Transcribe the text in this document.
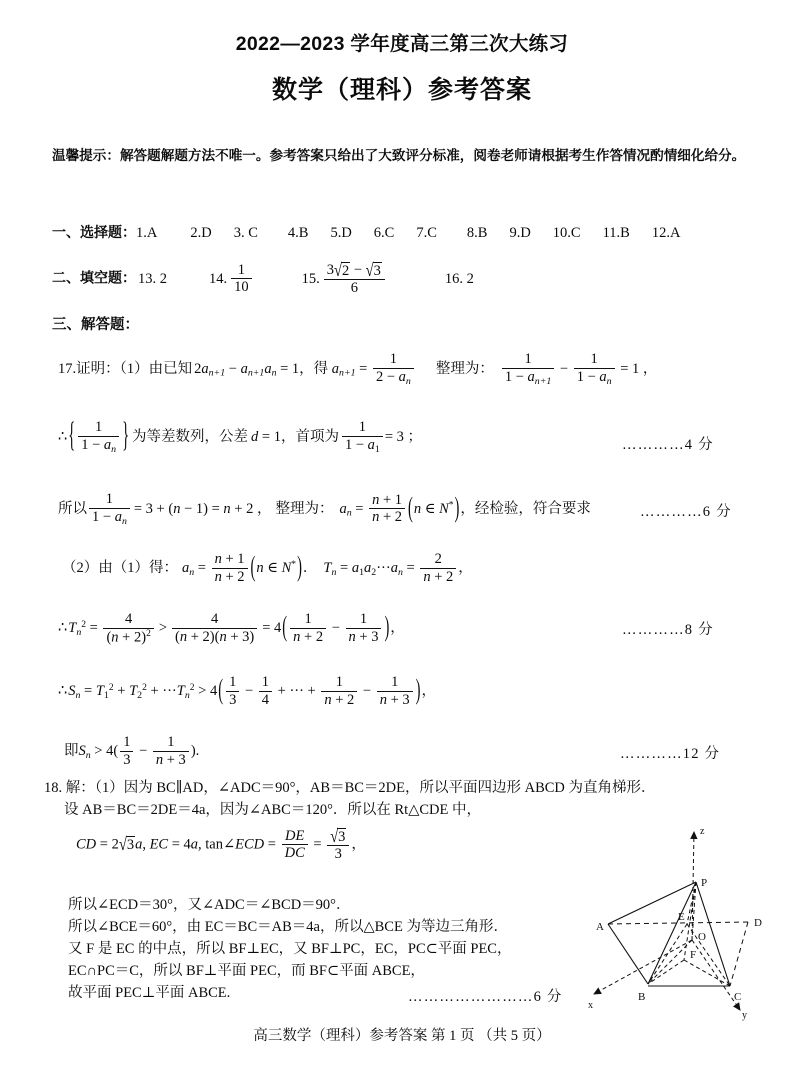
2022—2023 学年度高三第三次大练习
数学（理科）参考答案
温馨提示：解答题解题方法不唯一。参考答案只给出了大致评分标准，阅卷老师请根据考生作答情况酌情细化给分。
一、选择题：1.A 2.D 3. C 4.B 5.D 6.C 7.C 8.B 9.D 10.C 11.B 12.A
二、填空题： 13. 2	14. $\frac{1}{10}$	15. $\frac{3√2 - √3}{6}$	16. 2
三、解答题：
17.证明：（1）由已知 $2a_{n+1} - a_{n+1}a_n = 1$，得 $a_{n+1} = \frac{1}{2 - a_n}$ 整理为： $\frac{1}{1 - a_{n+1}} - \frac{1}{1 - a_n} = 1$ ，
∴{ $\frac{1}{1 - a_n}$ } 为等差数列，公差 d = 1，首项为 $\frac{1}{1 - a1} = 3$ ；
…………4 分
所以 $\frac{1}{1 - a_n} = 3 + (n - 1) = n + 2$ ， 整理为： $a_n = \frac{n + 1}{n + 2} (n$ ∈ N*)，经检验，符合要求	…………6 分
（2）由（1）得： $a_n = \frac{n + 1}{n + 2} (n$ ∈ N*)． $T_n = a1a2\cdot\cdot\cdot a_n = \frac{2}{n + 2}$ ，
$\therefore T_n^2 = \frac{4}{(n + 2)^2} > \frac{4}{(n + 2)(n + 3)} = 4( \frac{1}{n + 2} - \frac{1}{n + 3}$ )，	…………8 分
$\therefore S_n = T1^2 + T2^2 + \cdot\cdot\cdot T_n^2 > 4( \frac{1}{3} - \frac{1}{4}$ + ··· + $\frac{1}{n + 2} - \frac{1}{n + 3}$ )，
即$S_n > 4( \frac{1}{3} - \frac{1}{n + 3}$ ).	…………12 分
18. 解：（1）因为 BC∥AD，∠ADC＝90°，AB＝BC＝2DE，所以平面四边形 ABCD 为直角梯形．
设 AB＝BC＝2DE＝4a，因为∠ABC＝120°．所以在 Rt△CDE 中，
CD = 2√3a, EC = 4a, tan∠ECD = $\frac{DE}{DC} = \frac{√3}{3}$ ，
所以∠ECD＝30°，又∠ADC＝∠BCD＝90°．
所以∠BCE＝60°，由 EC＝BC＝AB＝4a，所以△BCE 为等边三角形．
又 F 是 EC 的中点，所以 BF⊥EC，又 BF⊥PC，EC，PC⊂平面 PEC，
EC∩PC＝C，所以 BF⊥平面 PEC，而 BF⊂平面 ABCE，
故平面 PEC⊥平面 ABCE.	……………………6 分
A
B	C
D
E
F
O
P
z
y
x
高三数学（理科）参考答案 第 1 页 （共 5 页）
